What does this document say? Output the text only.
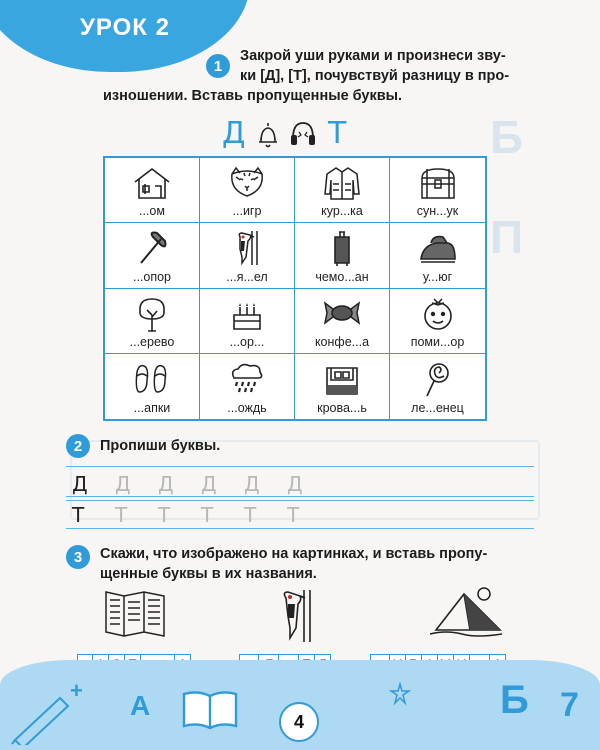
Б
П
УРОК 2
1
Закрой уши руками и произнеси зву-
ки [Д], [Т], почувствуй разницу в про-
изношении. Вставь пропущенные буквы.
Д	Т
...ом	...игр	кур...ка	сун...ук
...опор	...я...ел	чемо...ан	у...юг
...ерево	...ор...	конфе...а	поми...ор
...апки	...ождь	крова...ь	ле...енец
2	Пропиши буквы.
Д Д Д Д Д Д
Т Т Т Т Т Т
3	Скажи, что изображено на картинках, и вставь пропу-
щенные буквы в их названия.
+ А	Б 7
4
